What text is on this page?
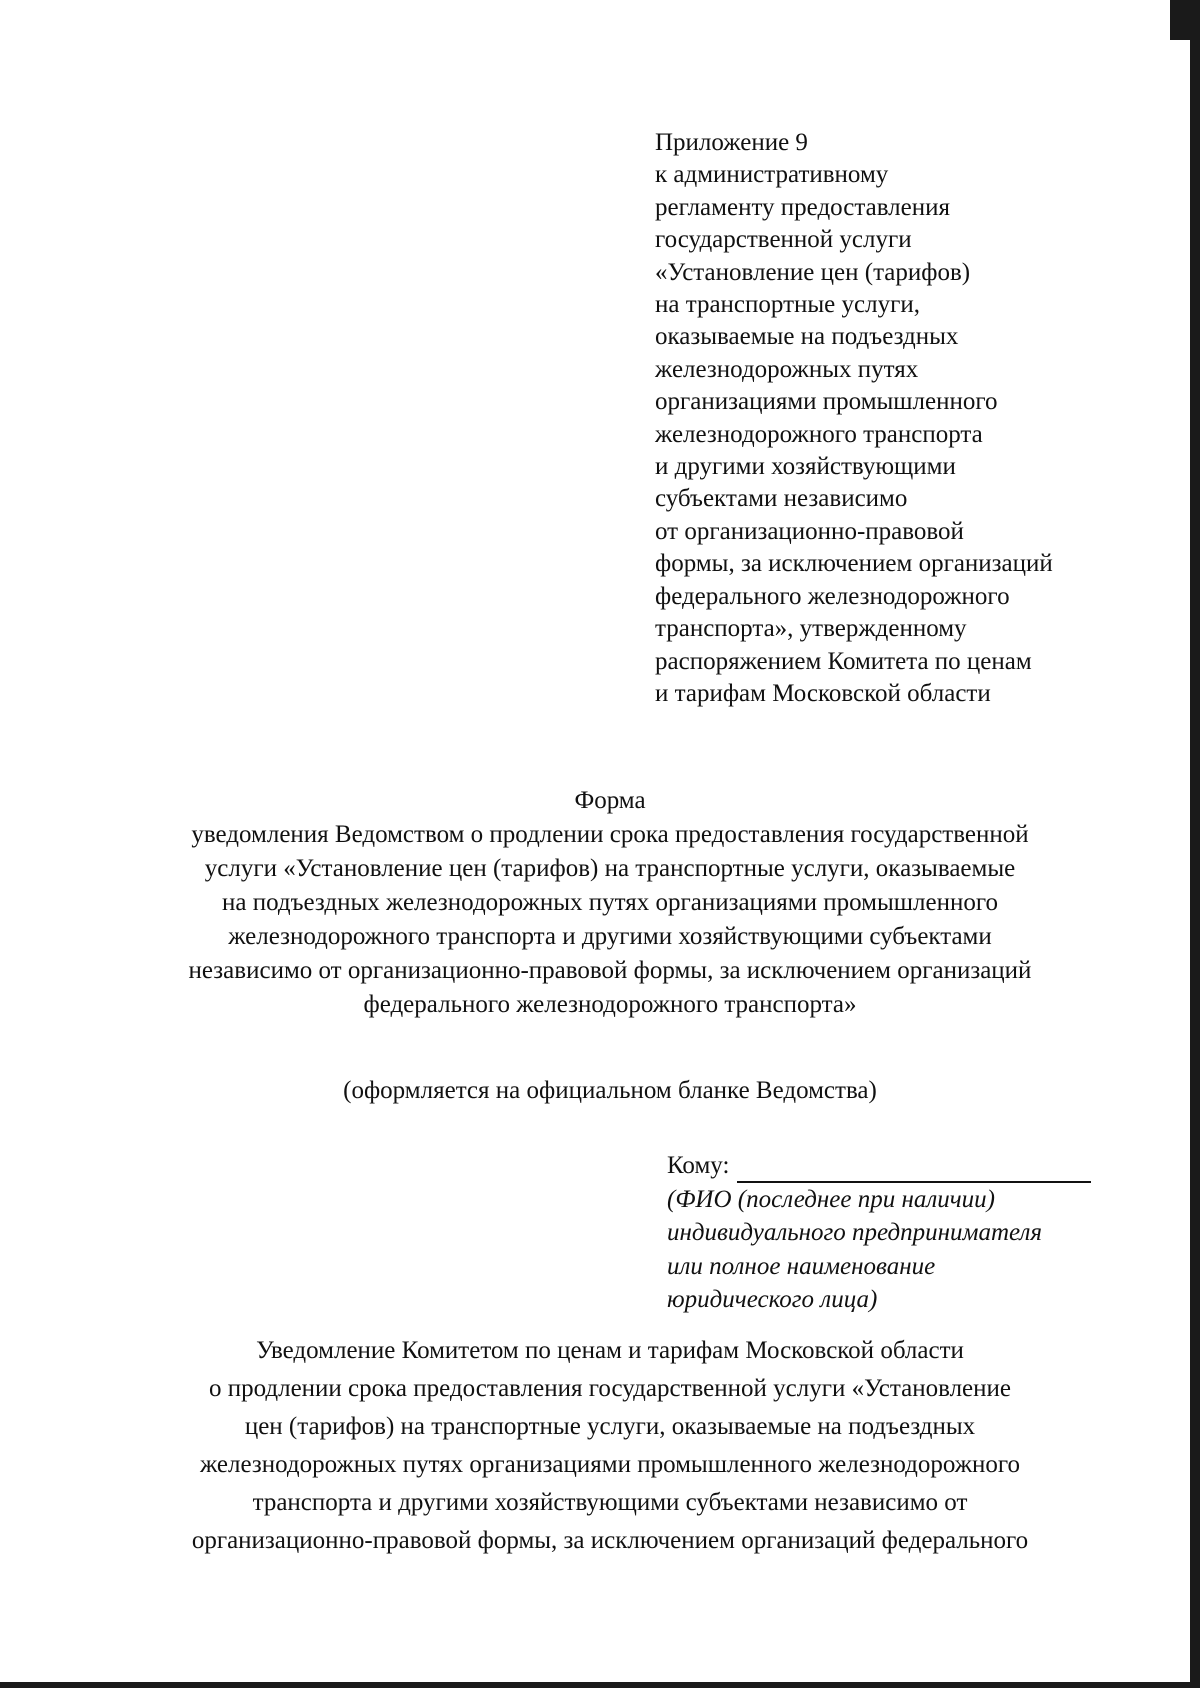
Приложение 9
к административному
регламенту предоставления
государственной услуги
«Установление цен (тарифов)
на транспортные услуги,
оказываемые на подъездных
железнодорожных путях
организациями промышленного
железнодорожного транспорта
и другими хозяйствующими
субъектами независимо
от организационно-правовой
формы, за исключением организаций
федерального железнодорожного
транспорта», утвержденному
распоряжением Комитета по ценам
и тарифам Московской области
Форма
уведомления Ведомством о продлении срока предоставления государственной
услуги «Установление цен (тарифов) на транспортные услуги, оказываемые
на подъездных железнодорожных путях организациями промышленного
железнодорожного транспорта и другими хозяйствующими субъектами
независимо от организационно-правовой формы, за исключением организаций
федерального железнодорожного транспорта»
(оформляется на официальном бланке Ведомства)
Кому:
(ФИО (последнее при наличии)
индивидуального предпринимателя
или полное наименование
юридического лица)
Уведомление Комитетом по ценам и тарифам Московской области
о продлении срока предоставления государственной услуги «Установление
цен (тарифов) на транспортные услуги, оказываемые на подъездных
железнодорожных путях организациями промышленного железнодорожного
транспорта и другими хозяйствующими субъектами независимо от
организационно-правовой формы, за исключением организаций федерального
